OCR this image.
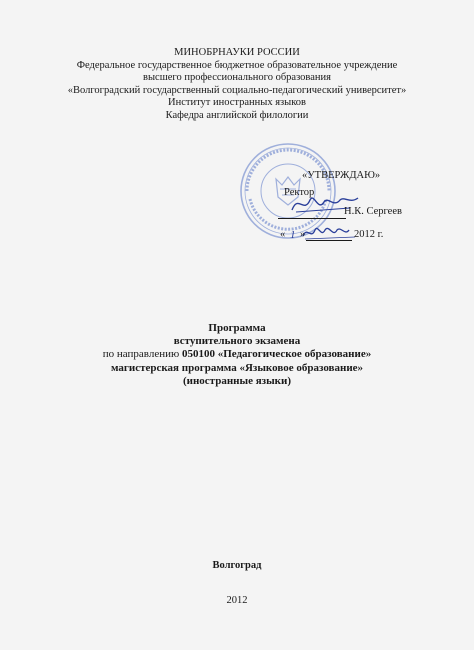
МИНОБРНАУКИ РОССИИ
Федеральное государственное бюджетное образовательное учреждение
высшего профессионального образования
«Волгоградский государственный социально-педагогический университет»
Институт иностранных языков
Кафедра английской филологии
«УТВЕРЖДАЮ»
Ректор
Н.К. Сергеев
« 1 »	2012 г.
Программа
вступительного экзамена
по направлению 050100 «Педагогическое образование»
магистерская программа «Языковое образование»
(иностранные языки)
Волгоград
2012
